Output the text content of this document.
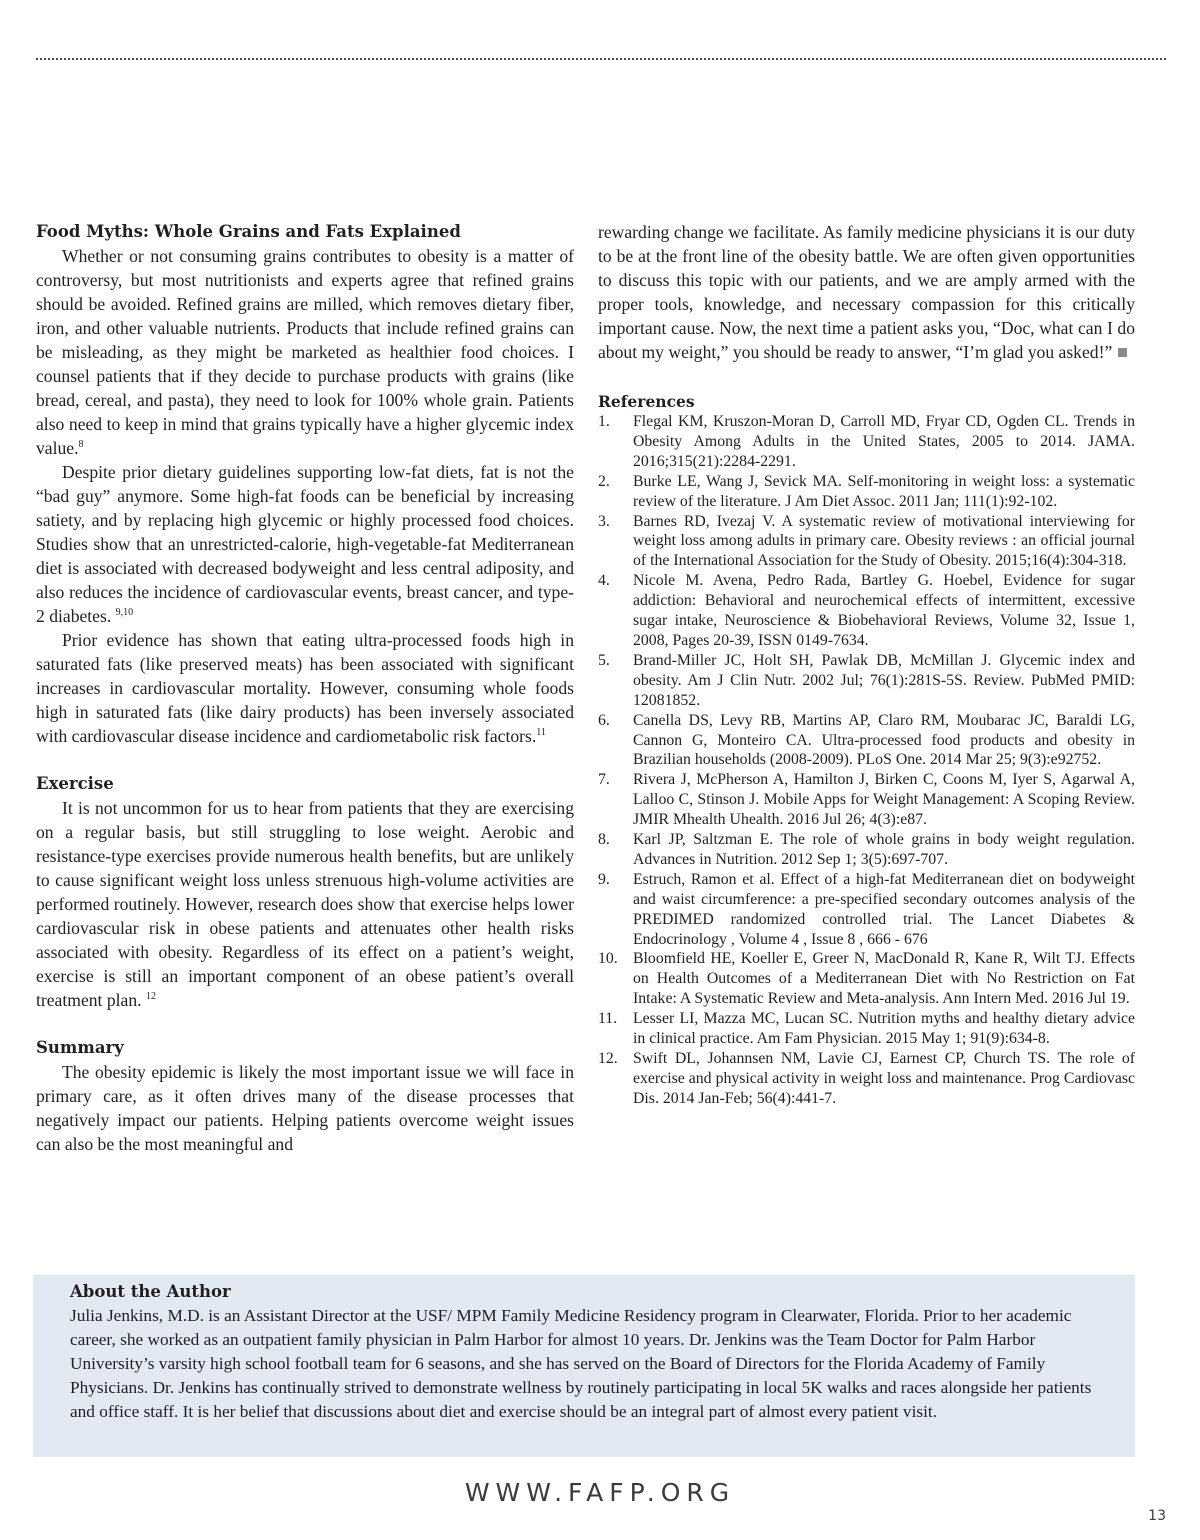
Food Myths: Whole Grains and Fats Explained

Whether or not consuming grains contributes to obesity is a matter of controversy, but most nutritionists and experts agree that refined grains should be avoided. Refined grains are milled, which removes dietary fiber, iron, and other valuable nutrients. Products that include refined grains can be misleading, as they might be marketed as healthier food choices. I counsel patients that if they decide to purchase products with grains (like bread, cereal, and pasta), they need to look for 100% whole grain. Patients also need to keep in mind that grains typically have a higher glycemic index value.$^8$

Despite prior dietary guidelines supporting low-fat diets, fat is not the “bad guy” anymore. Some high-fat foods can be beneficial by increasing satiety, and by replacing high glycemic or highly processed food choices. Studies show that an unrestricted-calorie, high-vegetable-fat Mediterranean diet is associated with decreased bodyweight and less central adiposity, and also reduces the incidence of cardiovascular events, breast cancer, and type-2 diabetes. $^{9,10}$

Prior evidence has shown that eating ultra-processed foods high in saturated fats (like preserved meats) has been associated with significant increases in cardiovascular mortality. However, consuming whole foods high in saturated fats (like dairy products) has been inversely associated with cardiovascular disease incidence and cardiometabolic risk factors.$^{11}$

Exercise

It is not uncommon for us to hear from patients that they are exercising on a regular basis, but still struggling to lose weight. Aerobic and resistance-type exercises provide numerous health benefits, but are unlikely to cause significant weight loss unless strenuous high-volume activities are performed routinely. However, research does show that exercise helps lower cardiovascular risk in obese patients and attenuates other health risks associated with obesity. Regardless of its effect on a patient’s weight, exercise is still an important component of an obese patient’s overall treatment plan. $^{12}$

Summary

The obesity epidemic is likely the most important issue we will face in primary care, as it often drives many of the disease processes that negatively impact our patients. Helping patients overcome weight issues can also be the most meaningful and

rewarding change we facilitate. As family medicine physicians it is our duty to be at the front line of the obesity battle. We are often given opportunities to discuss this topic with our patients, and we are amply armed with the proper tools, knowledge, and necessary compassion for this critically important cause. Now, the next time a patient asks you, “Doc, what can I do about my weight,” you should be ready to answer, “I’m glad you asked!”

References
1. Flegal KM, Kruszon-Moran D, Carroll MD, Fryar CD, Ogden CL. Trends in Obesity Among Adults in the United States, 2005 to 2014. JAMA. 2016;315(21):2284-2291.
2. Burke LE, Wang J, Sevick MA. Self-monitoring in weight loss: a systematic review of the literature. J Am Diet Assoc. 2011 Jan; 111(1):92-102.
3. Barnes RD, Ivezaj V. A systematic review of motivational interviewing for weight loss among adults in primary care. Obesity reviews : an official journal of the International Association for the Study of Obesity. 2015;16(4):304-318.
4. Nicole M. Avena, Pedro Rada, Bartley G. Hoebel, Evidence for sugar addiction: Behavioral and neurochemical effects of intermittent, excessive sugar intake, Neuroscience & Biobehavioral Reviews, Volume 32, Issue 1, 2008, Pages 20-39, ISSN 0149-7634.
5. Brand-Miller JC, Holt SH, Pawlak DB, McMillan J. Glycemic index and obesity. Am J Clin Nutr. 2002 Jul; 76(1):281S-5S. Review. PubMed PMID: 12081852.
6. Canella DS, Levy RB, Martins AP, Claro RM, Moubarac JC, Baraldi LG, Cannon G, Monteiro CA. Ultra-processed food products and obesity in Brazilian households (2008-2009). PLoS One. 2014 Mar 25; 9(3):e92752.
7. Rivera J, McPherson A, Hamilton J, Birken C, Coons M, Iyer S, Agarwal A, Lalloo C, Stinson J. Mobile Apps for Weight Management: A Scoping Review. JMIR Mhealth Uhealth. 2016 Jul 26; 4(3):e87.
8. Karl JP, Saltzman E. The role of whole grains in body weight regulation. Advances in Nutrition. 2012 Sep 1; 3(5):697-707.
9. Estruch, Ramon et al. Effect of a high-fat Mediterranean diet on bodyweight and waist circumference: a pre-specified secondary outcomes analysis of the PREDIMED randomized controlled trial. The Lancet Diabetes & Endocrinology , Volume 4 , Issue 8 , 666 - 676
10. Bloomfield HE, Koeller E, Greer N, MacDonald R, Kane R, Wilt TJ. Effects on Health Outcomes of a Mediterranean Diet with No Restriction on Fat Intake: A Systematic Review and Meta-analysis. Ann Intern Med. 2016 Jul 19.
11. Lesser LI, Mazza MC, Lucan SC. Nutrition myths and healthy dietary advice in clinical practice. Am Fam Physician. 2015 May 1; 91(9):634-8.
12. Swift DL, Johannsen NM, Lavie CJ, Earnest CP, Church TS. The role of exercise and physical activity in weight loss and maintenance. Prog Cardiovasc Dis. 2014 Jan-Feb; 56(4):441-7.
About the Author

Julia Jenkins, M.D. is an Assistant Director at the USF/ MPM Family Medicine Residency program in Clearwater, Florida. Prior to her academic career, she worked as an outpatient family physician in Palm Harbor for almost 10 years. Dr. Jenkins was the Team Doctor for Palm Harbor University’s varsity high school football team for 6 seasons, and she has served on the Board of Directors for the Florida Academy of Family Physicians. Dr. Jenkins has continually strived to demonstrate wellness by routinely participating in local 5K walks and races alongside her patients and office staff. It is her belief that discussions about diet and exercise should be an integral part of almost every patient visit.

WWW.FAFP.ORG
13
